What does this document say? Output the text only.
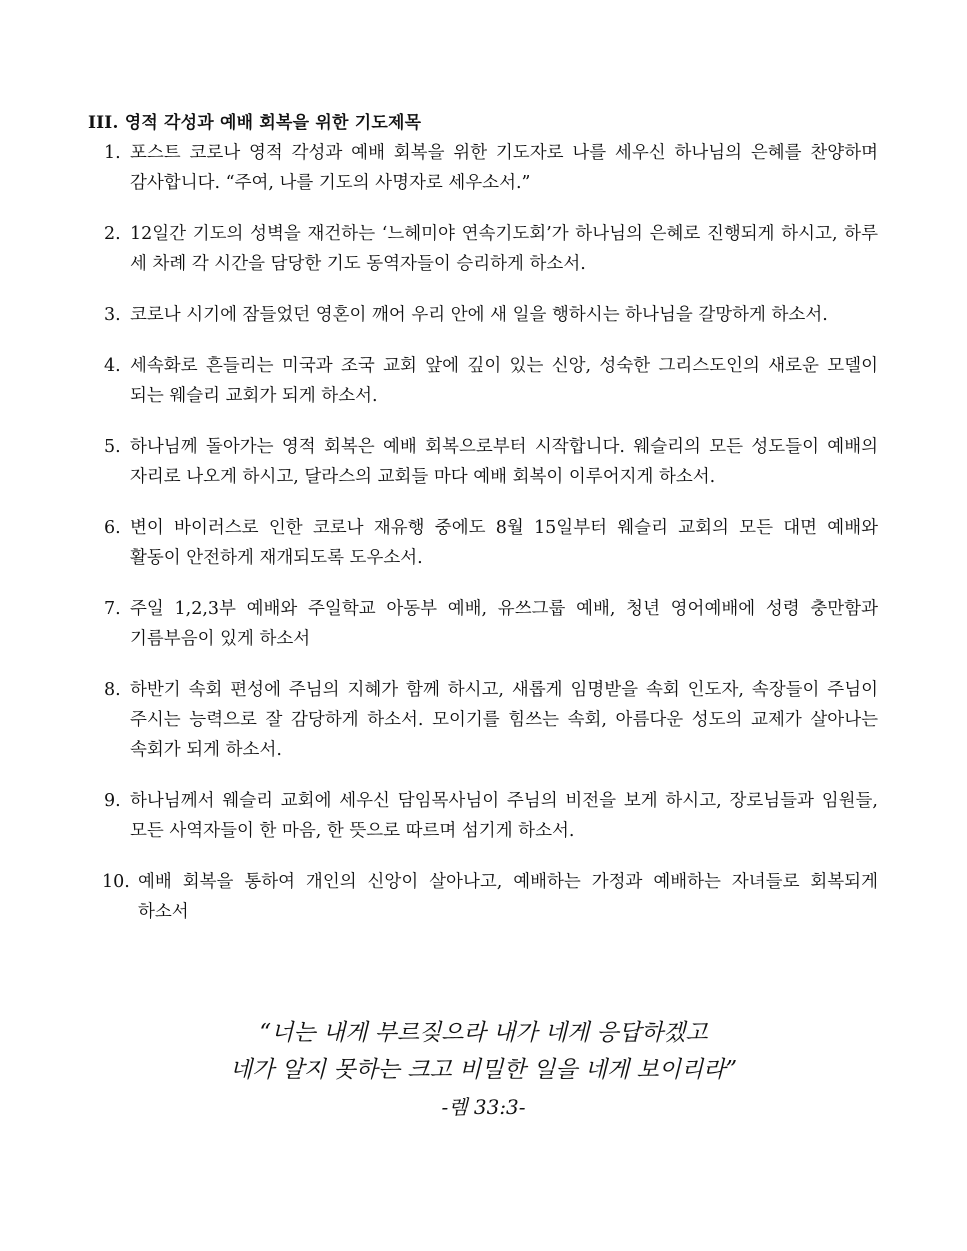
III. 영적 각성과 예배 회복을 위한 기도제목
1. 포스트 코로나 영적 각성과 예배 회복을 위한 기도자로 나를 세우신 하나님의 은혜를 찬양하며 감사합니다. “주여, 나를 기도의 사명자로 세우소서.”
2. 12일간 기도의 성벽을 재건하는 ‘느헤미야 연속기도회’가 하나님의 은혜로 진행되게 하시고, 하루 세 차례 각 시간을 담당한 기도 동역자들이 승리하게 하소서.
3. 코로나 시기에 잠들었던 영혼이 깨어 우리 안에 새 일을 행하시는 하나님을 갈망하게 하소서.
4. 세속화로 흔들리는 미국과 조국 교회 앞에 깊이 있는 신앙, 성숙한 그리스도인의 새로운 모델이 되는 웨슬리 교회가 되게 하소서.
5. 하나님께 돌아가는 영적 회복은 예배 회복으로부터 시작합니다. 웨슬리의 모든 성도들이 예배의 자리로 나오게 하시고, 달라스의 교회들 마다 예배 회복이 이루어지게 하소서.
6. 변이 바이러스로 인한 코로나 재유행 중에도 8월 15일부터 웨슬리 교회의 모든 대면 예배와 활동이 안전하게 재개되도록 도우소서.
7. 주일 1,2,3부 예배와 주일학교 아동부 예배, 유쓰그룹 예배, 청년 영어예배에 성령 충만함과 기름부음이 있게 하소서
8. 하반기 속회 편성에 주님의 지혜가 함께 하시고, 새롭게 임명받을 속회 인도자, 속장들이 주님이 주시는 능력으로 잘 감당하게 하소서. 모이기를 힘쓰는 속회, 아름다운 성도의 교제가 살아나는 속회가 되게 하소서.
9. 하나님께서 웨슬리 교회에 세우신 담임목사님이 주님의 비전을 보게 하시고, 장로님들과 임원들, 모든 사역자들이 한 마음, 한 뜻으로 따르며 섬기게 하소서.
10. 예배 회복을 통하여 개인의 신앙이 살아나고, 예배하는 가정과 예배하는 자녀들로 회복되게 하소서
“너는 내게 부르짖으라 내가 네게 응답하겠고
네가 알지 못하는 크고 비밀한 일을 네게 보이리라”
-렘 33:3-
